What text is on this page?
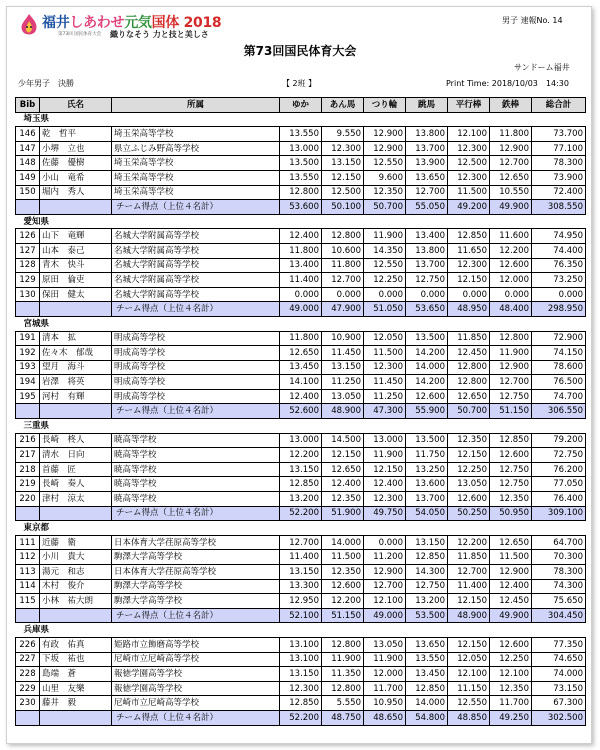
福井しあわせ元気国体 2018
第73回 国民体育大会 織りなそう 力と技と美しさ
男子 速報No. 14
第73回国民体育大会
サンドーム福井
少年男子　決勝	【 2班 】	Print Time: 2018/10/03　14:30
Bib	氏名	所属	ゆか	あん馬	つり輪	跳馬	平行棒	鉄棒	総合計
埼玉県									
146	乾　哲平	埼玉栄高等学校	13.550	9.550	12.900	13.800	12.100	11.800	73.700
147	小堺　立也	県立ふじみ野高等学校	13.000	12.300	12.900	13.700	12.300	12.900	77.100
148	佐藤　優樹	埼玉栄高等学校	13.500	13.150	12.550	13.900	12.500	12.700	78.300
149	小山　竜希	埼玉栄高等学校	13.550	12.150	9.600	13.650	12.300	12.650	73.900
150	堀内　秀人	埼玉栄高等学校	12.800	12.500	12.350	12.700	11.500	10.550	72.400
		チーム得点（上位４名計）	53.600	50.100	50.700	55.050	49.200	49.900	308.550
愛知県									
126	山下　竜輝	名城大学附属高等学校	12.400	12.800	11.900	13.400	12.850	11.600	74.950
127	山本　泰己	名城大学附属高等学校	11.800	10.600	14.350	13.800	11.650	12.200	74.400
128	青木　快斗	名城大学附属高等学校	13.400	11.800	12.550	13.700	12.300	12.600	76.350
129	原田　倫吏	名城大学附属高等学校	11.400	12.700	12.250	12.750	12.150	12.000	73.250
130	保田　健太	名城大学附属高等学校	0.000	0.000	0.000	0.000	0.000	0.000	0.000
		チーム得点（上位４名計）	49.000	47.900	51.050	53.650	48.950	48.400	298.950
宮城県									
191	清本　拡	明成高等学校	11.800	10.900	12.050	13.500	11.850	12.800	72.900
192	佐々木　郁哉	明成高等学校	12.650	11.450	11.500	14.200	12.450	11.900	74.150
193	望月　海斗	明成高等学校	13.450	13.150	12.300	14.000	12.800	12.900	78.600
194	岩澤　将英	明成高等学校	14.100	11.250	11.450	14.200	12.800	12.700	76.500
195	河村　有輝	明成高等学校	12.400	13.050	11.250	12.600	12.650	12.750	74.700
		チーム得点（上位４名計）	52.600	48.900	47.300	55.900	50.700	51.150	306.550
三重県									
216	長崎　柊人	暁高等学校	13.000	14.500	13.000	13.500	12.350	12.850	79.200
217	清水　日向	暁高等学校	12.200	12.150	11.900	11.750	12.150	12.600	72.750
218	首藤　匠	暁高等学校	13.150	12.650	12.150	13.250	12.250	12.750	76.200
219	長崎　奏人	暁高等学校	12.850	12.400	12.400	13.600	13.050	12.750	77.050
220	津村　涼太	暁高等学校	13.200	12.350	12.300	13.700	12.600	12.350	76.400
		チーム得点（上位４名計）	52.200	51.900	49.750	54.050	50.250	50.950	309.100
東京都									
111	近藤　衛	日本体育大学荏原高等学校	12.700	14.000	0.000	13.150	12.200	12.650	64.700
112	小川　貴大	駒澤大学高等学校	11.400	11.500	11.200	12.850	11.850	11.500	70.300
113	湯元　和志	日本体育大学荏原高等学校	13.150	12.350	12.900	14.300	12.700	12.900	78.300
114	木村　俊介	駒澤大学高等学校	13.300	12.600	12.700	12.750	11.400	12.400	74.300
115	小林　祐大朗	駒澤大学高等学校	12.950	12.200	12.100	13.200	12.150	12.450	75.650
		チーム得点（上位４名計）	52.100	51.150	49.000	53.500	48.900	49.900	304.450
兵庫県									
226	有政　佑真	姫路市立飾磨高等学校	13.100	12.800	13.050	13.650	12.150	12.600	77.350
227	下坂　祐也	尼崎市立尼崎高等学校	13.100	11.900	11.900	13.550	12.050	12.250	74.650
228	島端　蒼	報徳学園高等学校	13.150	11.350	12.000	13.450	12.100	12.100	74.000
229	山里　友樂	報徳学園高等学校	12.300	12.800	11.700	12.850	11.150	12.350	73.150
230	藤井　毅	尼崎市立尼崎高等学校	12.850	5.550	10.950	14.000	12.550	11.700	67.300
		チーム得点（上位４名計）	52.200	48.750	48.650	54.800	48.850	49.250	302.500
